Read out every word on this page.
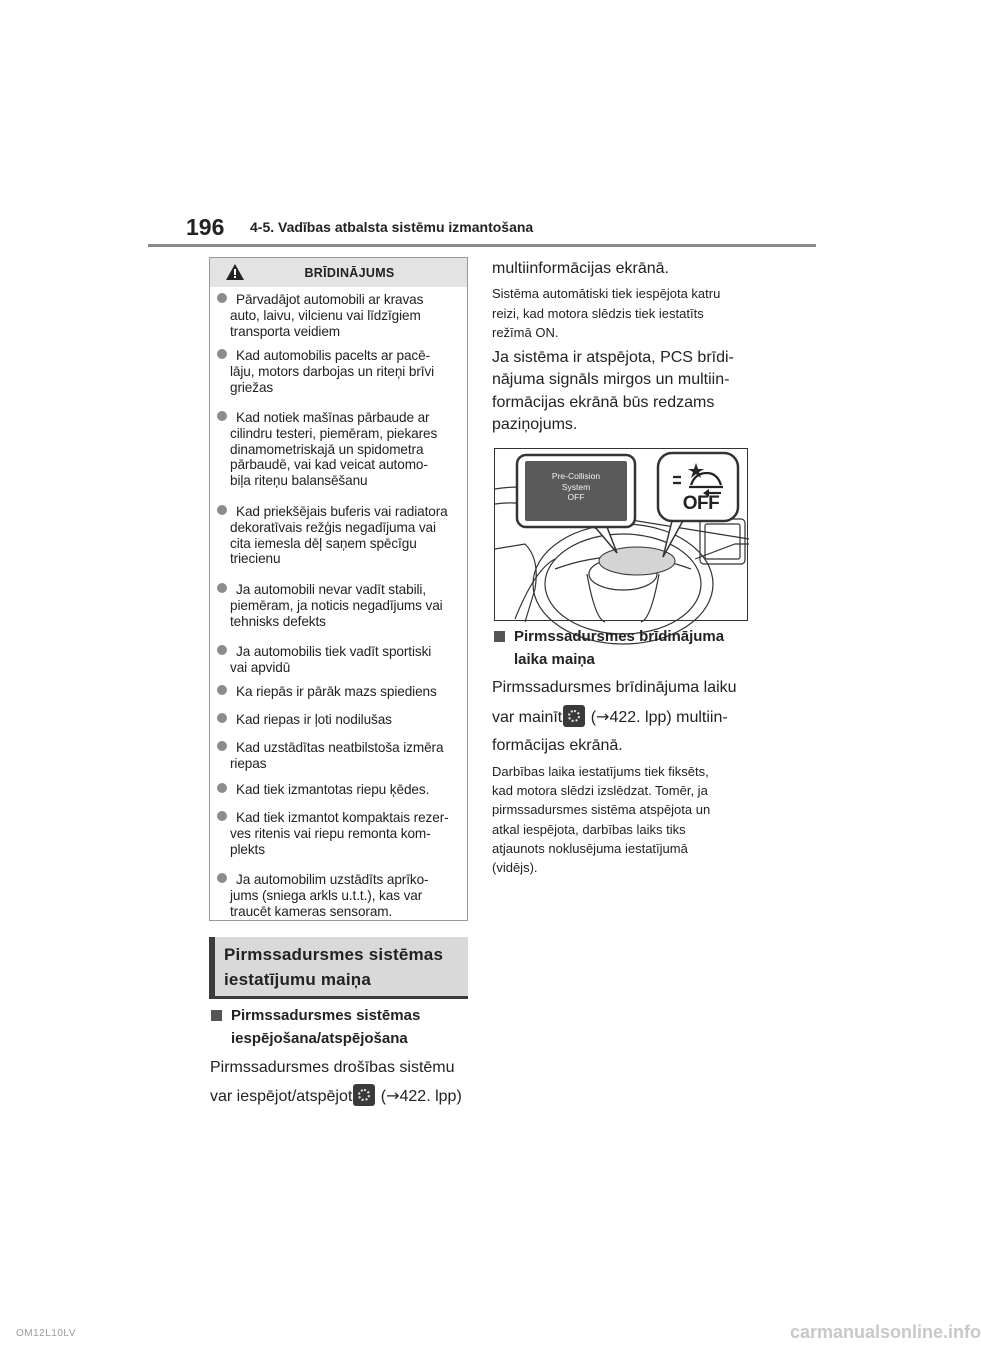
196 4-5. Vadības atbalsta sistēmu izmantošana
BRĪDINĀJUMS
Pārvadājot automobili ar kravas
auto, laivu, vilcienu vai līdzīgiem
transporta veidiem
Kad automobilis pacelts ar pacē-
lāju, motors darbojas un riteņi brīvi
griežas
Kad notiek mašīnas pārbaude ar
cilindru testeri, piemēram, piekares
dinamometriskajā un spidometra
pārbaudē, vai kad veicat automo-
biļa riteņu balansēšanu
Kad priekšējais buferis vai radiatora
dekoratīvais režģis negadījuma vai
cita iemesla dēļ saņem spēcīgu
triecienu
Ja automobili nevar vadīt stabili,
piemēram, ja noticis negadījums vai
tehnisks defekts
Ja automobilis tiek vadīt sportiski
vai apvidū
Ka riepās ir pārāk mazs spiediens
Kad riepas ir ļoti nodilušas
Kad uzstādītas neatbilstoša izmēra
riepas
Kad tiek izmantotas riepu ķēdes.
Kad tiek izmantot kompaktais rezer-
ves ritenis vai riepu remonta kom-
plekts
Ja automobilim uzstādīts aprīko-
jums (sniega arkls u.t.t.), kas var
traucēt kameras sensoram.
Pirmssadursmes sistēmas
iestatījumu maiņa
Pirmssadursmes sistēmas
iespējošana/atspējošana
Pirmssadursmes drošības sistēmu
var iespējot/atspējot (→422. lpp)
multiinformācijas ekrānā.
Sistēma automātiski tiek iespējota katru
reizi, kad motora slēdzis tiek iestatīts
režīmā ON.
Ja sistēma ir atspējota, PCS brīdi-
nājuma signāls mirgos un multiin-
formācijas ekrānā būs redzams
paziņojums.
Pre-Collision
System
OFF	OFF
Pirmssadursmes brīdinājuma
laika maiņa
Pirmssadursmes brīdinājuma laiku
var mainīt (→422. lpp) multiin-
formācijas ekrānā.
Darbības laika iestatījums tiek fiksēts,
kad motora slēdzi izslēdzat. Tomēr, ja
pirmssadursmes sistēma atspējota un
atkal iespējota, darbības laiks tiks
atjaunots noklusējuma iestatījumā
(vidējs).
OM12L10LV	carmanualsonline.info
